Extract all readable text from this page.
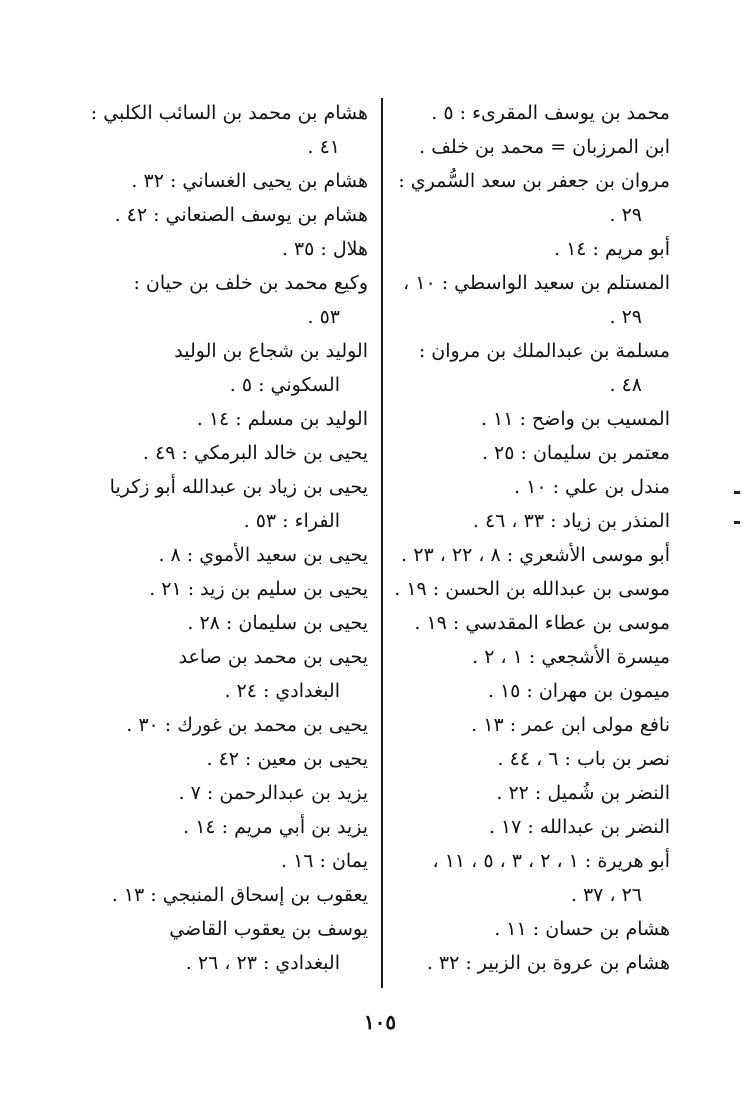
محمد بن يوسف المقرىء : ٥ .
ابن المرزبان = محمد بن خلف .
مروان بن جعفر بن سعد السُّمري :
٢٩ .
أبو مريم : ١٤ .
المستلم بن سعيد الواسطي : ١٠ ،
٢٩ .
مسلمة بن عبدالملك بن مروان :
٤٨ .
المسيب بن واضح : ١١ .
معتمر بن سليمان : ٢٥ .
مندل بن علي : ١٠ .
المنذر بن زياد : ٣٣ ، ٤٦ .
أبو موسى الأشعري : ٨ ، ٢٢ ، ٢٣ .
موسى بن عبدالله بن الحسن : ١٩ .
موسى بن عطاء المقدسي : ١٩ .
ميسرة الأشجعي : ١ ، ٢ .
ميمون بن مهران : ١٥ .
نافع مولى ابن عمر : ١٣ .
نصر بن باب : ٦ ، ٤٤ .
النضر بن شُميل : ٢٢ .
النضر بن عبدالله : ١٧ .
أبو هريرة : ١ ، ٢ ، ٣ ، ٥ ، ١١ ،
٢٦ ، ٣٧ .
هشام بن حسان : ١١ .
هشام بن عروة بن الزبير : ٣٢ .
هشام بن محمد بن السائب الكلبي :
٤١ .
هشام بن يحيى الغساني : ٣٢ .
هشام بن يوسف الصنعاني : ٤٢ .
هلال : ٣٥ .
وكيع محمد بن خلف بن حيان :
٥٣ .
الوليد بن شجاع بن الوليد
السكوني : ٥ .
الوليد بن مسلم : ١٤ .
يحيى بن خالد البرمكي : ٤٩ .
يحيى بن زياد بن عبدالله أبو زكريا
الفراء : ٥٣ .
يحيى بن سعيد الأموي : ٨ .
يحيى بن سليم بن زيد : ٢١ .
يحيى بن سليمان : ٢٨ .
يحيى بن محمد بن صاعد
البغدادي : ٢٤ .
يحيى بن محمد بن غورك : ٣٠ .
يحيى بن معين : ٤٢ .
يزيد بن عبدالرحمن : ٧ .
يزيد بن أبي مريم : ١٤ .
يمان : ١٦ .
يعقوب بن إسحاق المنبجي : ١٣ .
يوسف بن يعقوب القاضي
البغدادي : ٢٣ ، ٢٦ .
١٠٥
